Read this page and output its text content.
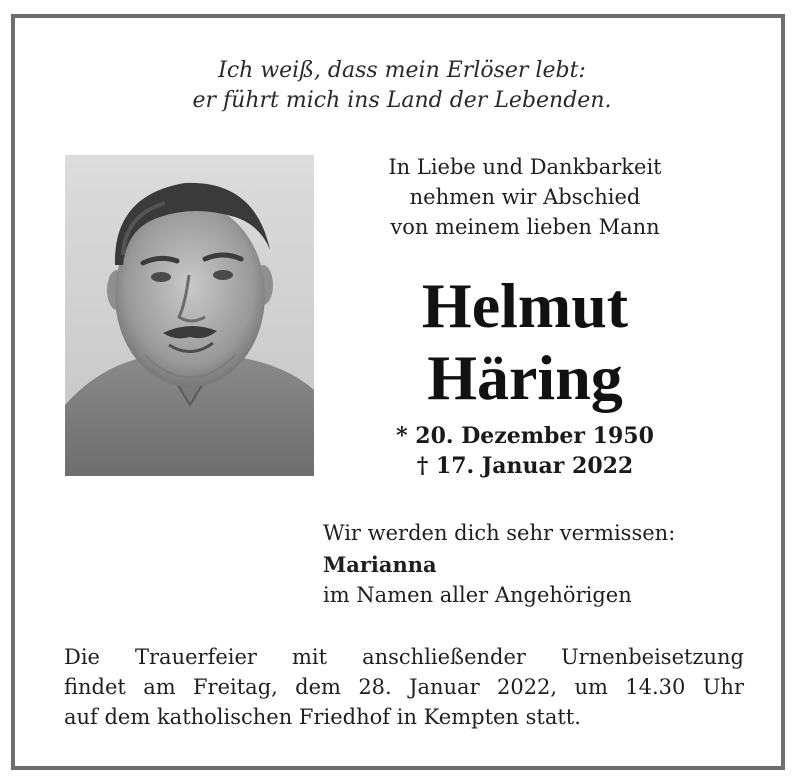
Ich weiß, dass mein Erlöser lebt:
er führt mich ins Land der Lebenden.
In Liebe und Dankbarkeit
nehmen wir Abschied
von meinem lieben Mann
Helmut
Häring
* 20. Dezember 1950
† 17. Januar 2022
Wir werden dich sehr vermissen:
Marianna
im Namen aller Angehörigen
Die Trauerfeier mit anschließender Urnenbeisetzung
findet am Freitag, dem 28. Januar 2022, um 14.30 Uhr
auf dem katholischen Friedhof in Kempten statt.
